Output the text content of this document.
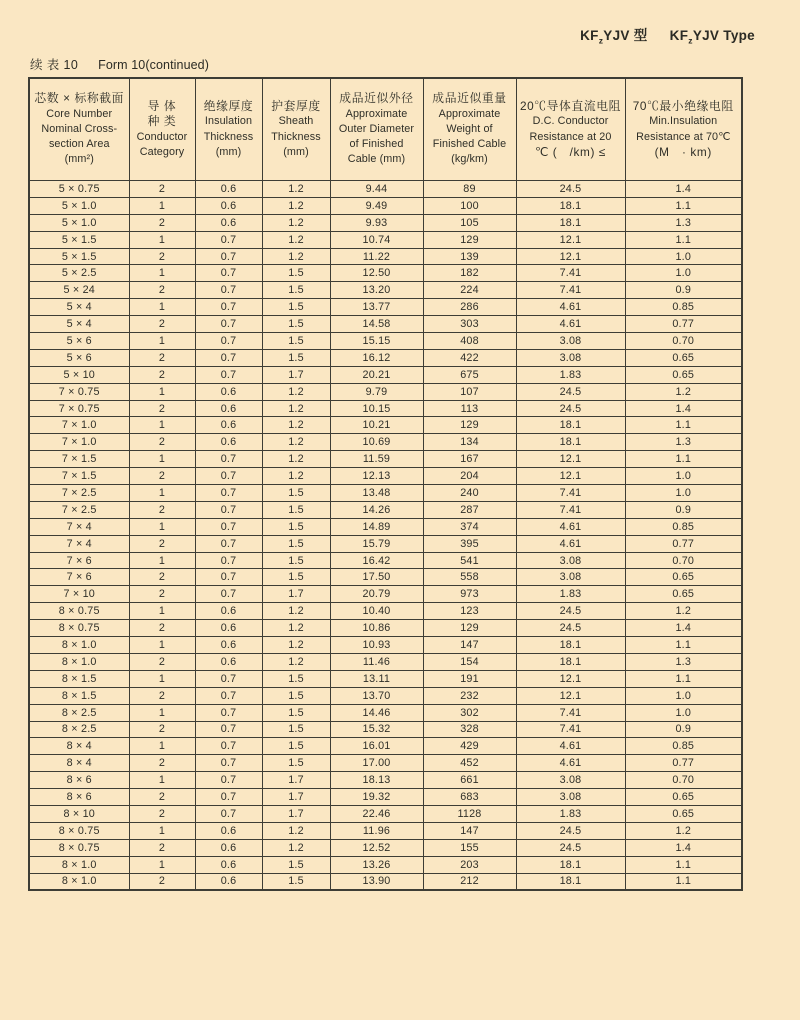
$KF_zYJV$ 型 $KF_zYJV$ Type
续 表 10 Form 10(continued)
芯数 × 标称截面
Core Number
Nominal Cross-
section Area
(mm²)

导 体
种 类
Conductor
Category

绝缘厚度
Insulation
Thickness
(mm)

护套厚度
Sheath
Thickness
(mm)

成品近似外径
Approximate
Outer Diameter
of Finished
Cable (mm)

成品近似重量
Approximate
Weight of
Finished Cable
(kg/km)

20℃导体直流电阻
D.C. Conductor
Resistance at 20
℃ (　/km) ≤

70℃最小绝缘电阻
Min.Insulation
Resistance at 70℃
(M　· km)

5 × 0.75	2	0.6	1.2	9.44	89	24.5	1.4
5 × 1.0	1	0.6	1.2	9.49	100	18.1	1.1
5 × 1.0	2	0.6	1.2	9.93	105	18.1	1.3
5 × 1.5	1	0.7	1.2	10.74	129	12.1	1.1
5 × 1.5	2	0.7	1.2	11.22	139	12.1	1.0
5 × 2.5	1	0.7	1.5	12.50	182	7.41	1.0
5 × 24	2	0.7	1.5	13.20	224	7.41	0.9
5 × 4	1	0.7	1.5	13.77	286	4.61	0.85
5 × 4	2	0.7	1.5	14.58	303	4.61	0.77
5 × 6	1	0.7	1.5	15.15	408	3.08	0.70
5 × 6	2	0.7	1.5	16.12	422	3.08	0.65
5 × 10	2	0.7	1.7	20.21	675	1.83	0.65
7 × 0.75	1	0.6	1.2	9.79	107	24.5	1.2
7 × 0.75	2	0.6	1.2	10.15	113	24.5	1.4
7 × 1.0	1	0.6	1.2	10.21	129	18.1	1.1
7 × 1.0	2	0.6	1.2	10.69	134	18.1	1.3
7 × 1.5	1	0.7	1.2	11.59	167	12.1	1.1
7 × 1.5	2	0.7	1.2	12.13	204	12.1	1.0
7 × 2.5	1	0.7	1.5	13.48	240	7.41	1.0
7 × 2.5	2	0.7	1.5	14.26	287	7.41	0.9
7 × 4	1	0.7	1.5	14.89	374	4.61	0.85
7 × 4	2	0.7	1.5	15.79	395	4.61	0.77
7 × 6	1	0.7	1.5	16.42	541	3.08	0.70
7 × 6	2	0.7	1.5	17.50	558	3.08	0.65
7 × 10	2	0.7	1.7	20.79	973	1.83	0.65
8 × 0.75	1	0.6	1.2	10.40	123	24.5	1.2
8 × 0.75	2	0.6	1.2	10.86	129	24.5	1.4
8 × 1.0	1	0.6	1.2	10.93	147	18.1	1.1
8 × 1.0	2	0.6	1.2	11.46	154	18.1	1.3
8 × 1.5	1	0.7	1.5	13.11	191	12.1	1.1
8 × 1.5	2	0.7	1.5	13.70	232	12.1	1.0
8 × 2.5	1	0.7	1.5	14.46	302	7.41	1.0
8 × 2.5	2	0.7	1.5	15.32	328	7.41	0.9
8 × 4	1	0.7	1.5	16.01	429	4.61	0.85
8 × 4	2	0.7	1.5	17.00	452	4.61	0.77
8 × 6	1	0.7	1.7	18.13	661	3.08	0.70
8 × 6	2	0.7	1.7	19.32	683	3.08	0.65
8 × 10	2	0.7	1.7	22.46	1128	1.83	0.65
8 × 0.75	1	0.6	1.2	11.96	147	24.5	1.2
8 × 0.75	2	0.6	1.2	12.52	155	24.5	1.4
8 × 1.0	1	0.6	1.5	13.26	203	18.1	1.1
8 × 1.0	2	0.6	1.5	13.90	212	18.1	1.1
